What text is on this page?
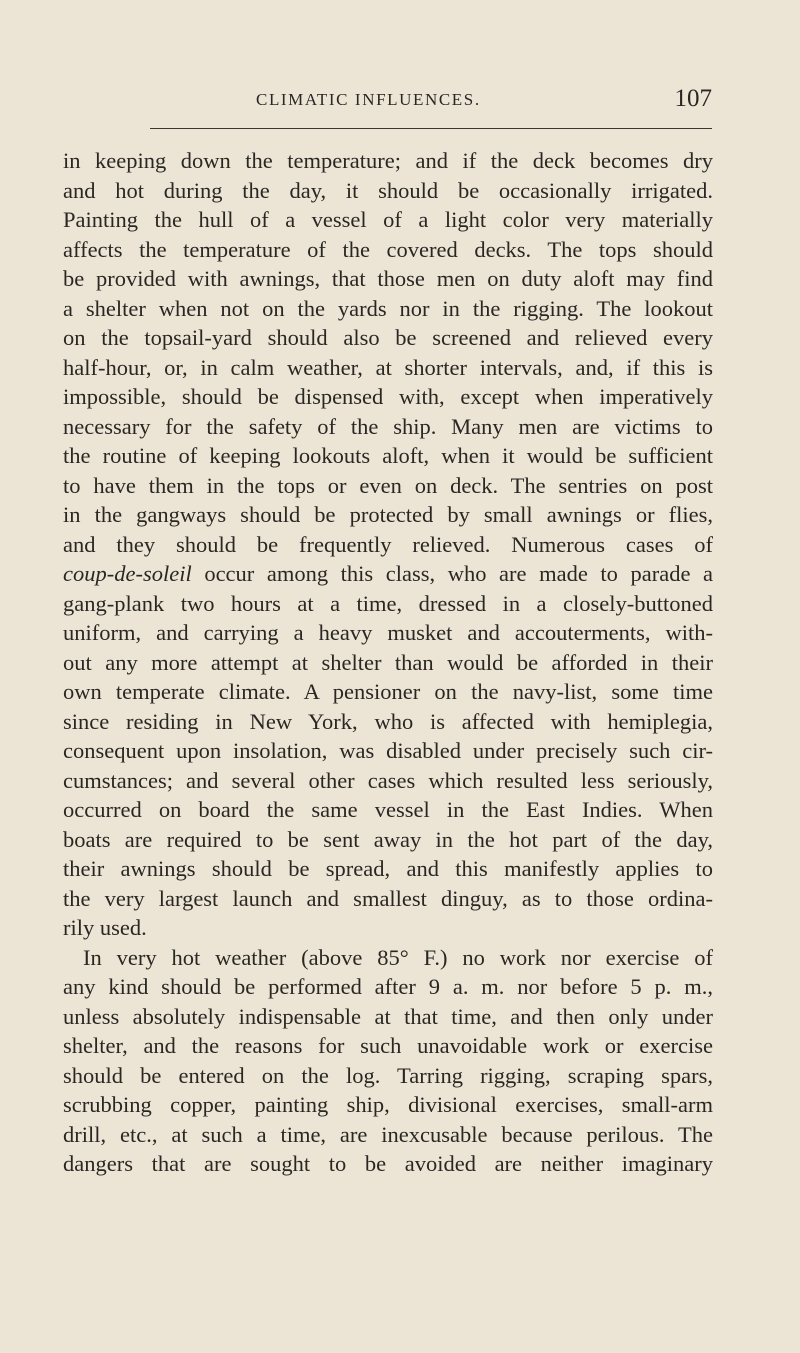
CLIMATIC INFLUENCES.	107
in keeping down the temperature; and if the deck becomes dry
and hot during the day, it should be occasionally irrigated.
Painting the hull of a vessel of a light color very materially
affects the temperature of the covered decks. The tops should
be provided with awnings, that those men on duty aloft may find
a shelter when not on the yards nor in the rigging. The lookout
on the topsail-yard should also be screened and relieved every
half-hour, or, in calm weather, at shorter intervals, and, if this is
impossible, should be dispensed with, except when imperatively
necessary for the safety of the ship. Many men are victims to
the routine of keeping lookouts aloft, when it would be sufficient
to have them in the tops or even on deck. The sentries on post
in the gangways should be protected by small awnings or flies,
and they should be frequently relieved. Numerous cases of
coup-de-soleil occur among this class, who are made to parade a
gang-plank two hours at a time, dressed in a closely-buttoned
uniform, and carrying a heavy musket and accouterments, with-
out any more attempt at shelter than would be afforded in their
own temperate climate. A pensioner on the navy-list, some time
since residing in New York, who is affected with hemiplegia,
consequent upon insolation, was disabled under precisely such cir-
cumstances; and several other cases which resulted less seriously,
occurred on board the same vessel in the East Indies. When
boats are required to be sent away in the hot part of the day,
their awnings should be spread, and this manifestly applies to
the very largest launch and smallest dinguy, as to those ordina-
rily used.
In very hot weather (above 85° F.) no work nor exercise of
any kind should be performed after 9 a. m. nor before 5 p. m.,
unless absolutely indispensable at that time, and then only under
shelter, and the reasons for such unavoidable work or exercise
should be entered on the log. Tarring rigging, scraping spars,
scrubbing copper, painting ship, divisional exercises, small-arm
drill, etc., at such a time, are inexcusable because perilous. The
dangers that are sought to be avoided are neither imaginary
